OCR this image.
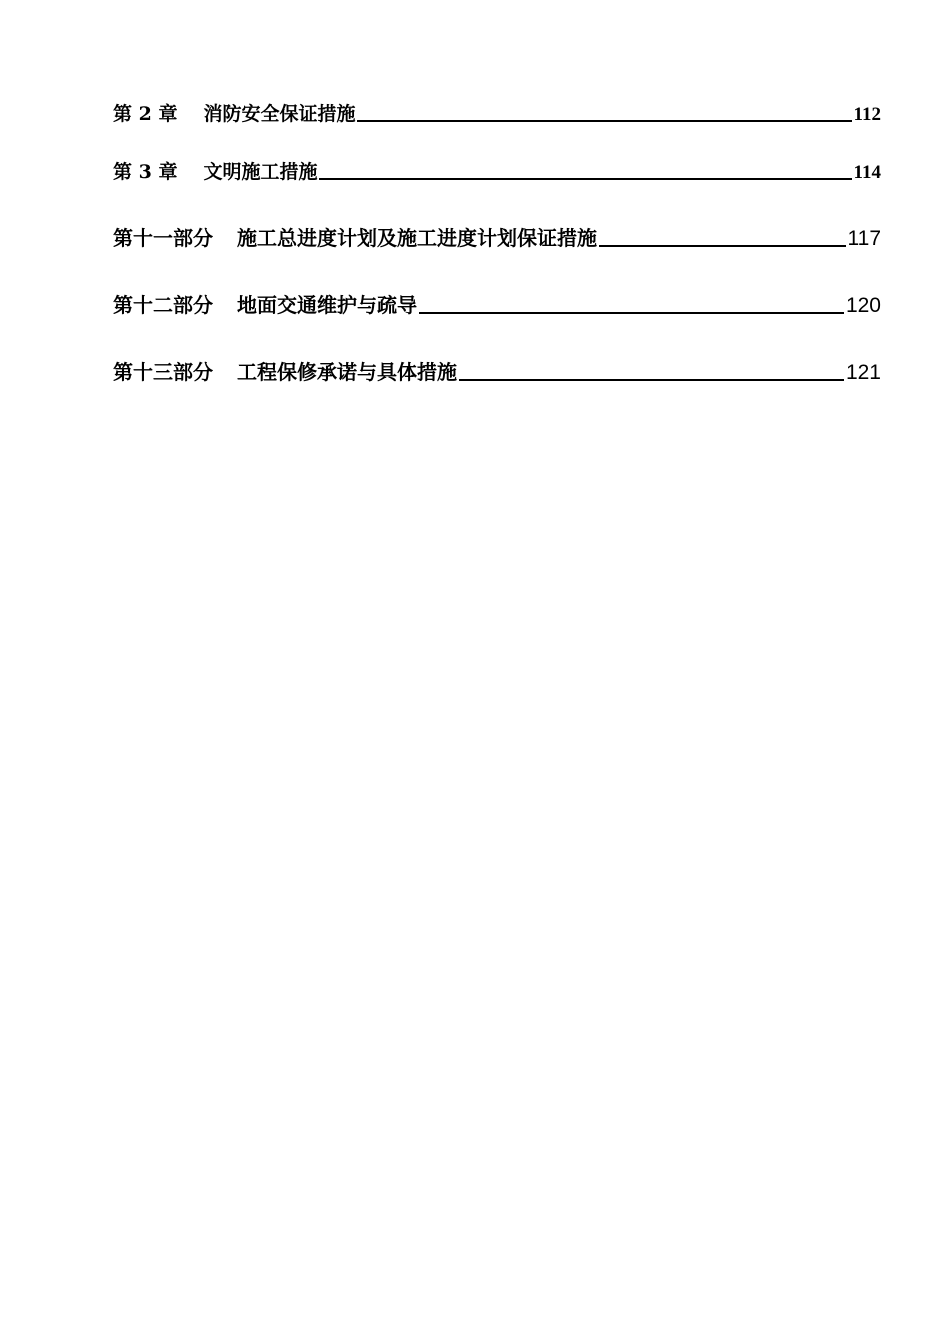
第 2 章 消防安全保证措施	112
第 3 章 文明施工措施	114
第十一部分 施工总进度计划及施工进度计划保证措施	117
第十二部分 地面交通维护与疏导	120
第十三部分 工程保修承诺与具体措施	121
